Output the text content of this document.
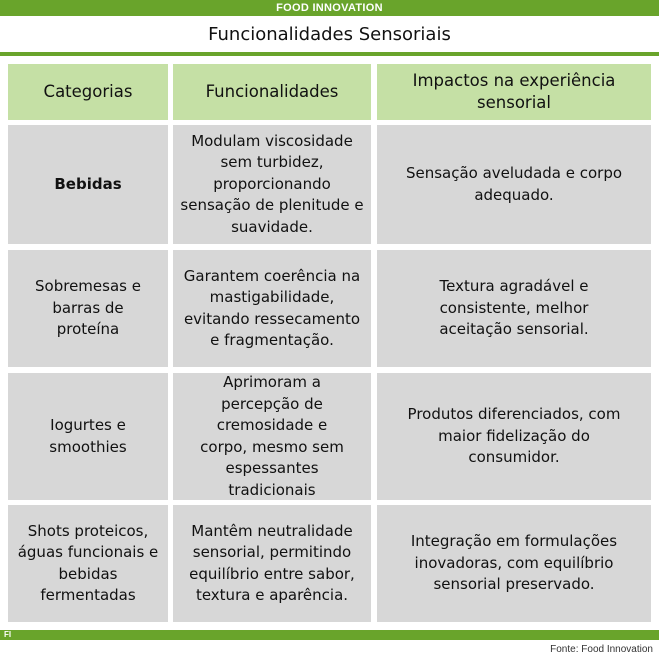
FOOD INNOVATION
Funcionalidades Sensoriais
Categorias	Funcionalidades
Impactos na experiência sensorial
Bebidas
Modulam viscosidade sem turbidez, proporcionando sensação de plenitude e suavidade.
Sensação aveludada e corpo adequado.
Sobremesas e barras de proteína
Garantem coerência na mastigabilidade, evitando ressecamento e fragmentação.
Textura agradável e consistente, melhor aceitação sensorial.
Iogurtes e smoothies
Aprimoram a percepção de cremosidade e corpo, mesmo sem espessantes tradicionais
Produtos diferenciados, com maior fidelização do consumidor.
Shots proteicos, águas funcionais e bebidas fermentadas
Mantêm neutralidade sensorial, permitindo equilíbrio entre sabor, textura e aparência.
Integração em formulações inovadoras, com equilíbrio sensorial preservado.
FI
Fonte: Food Innovation
